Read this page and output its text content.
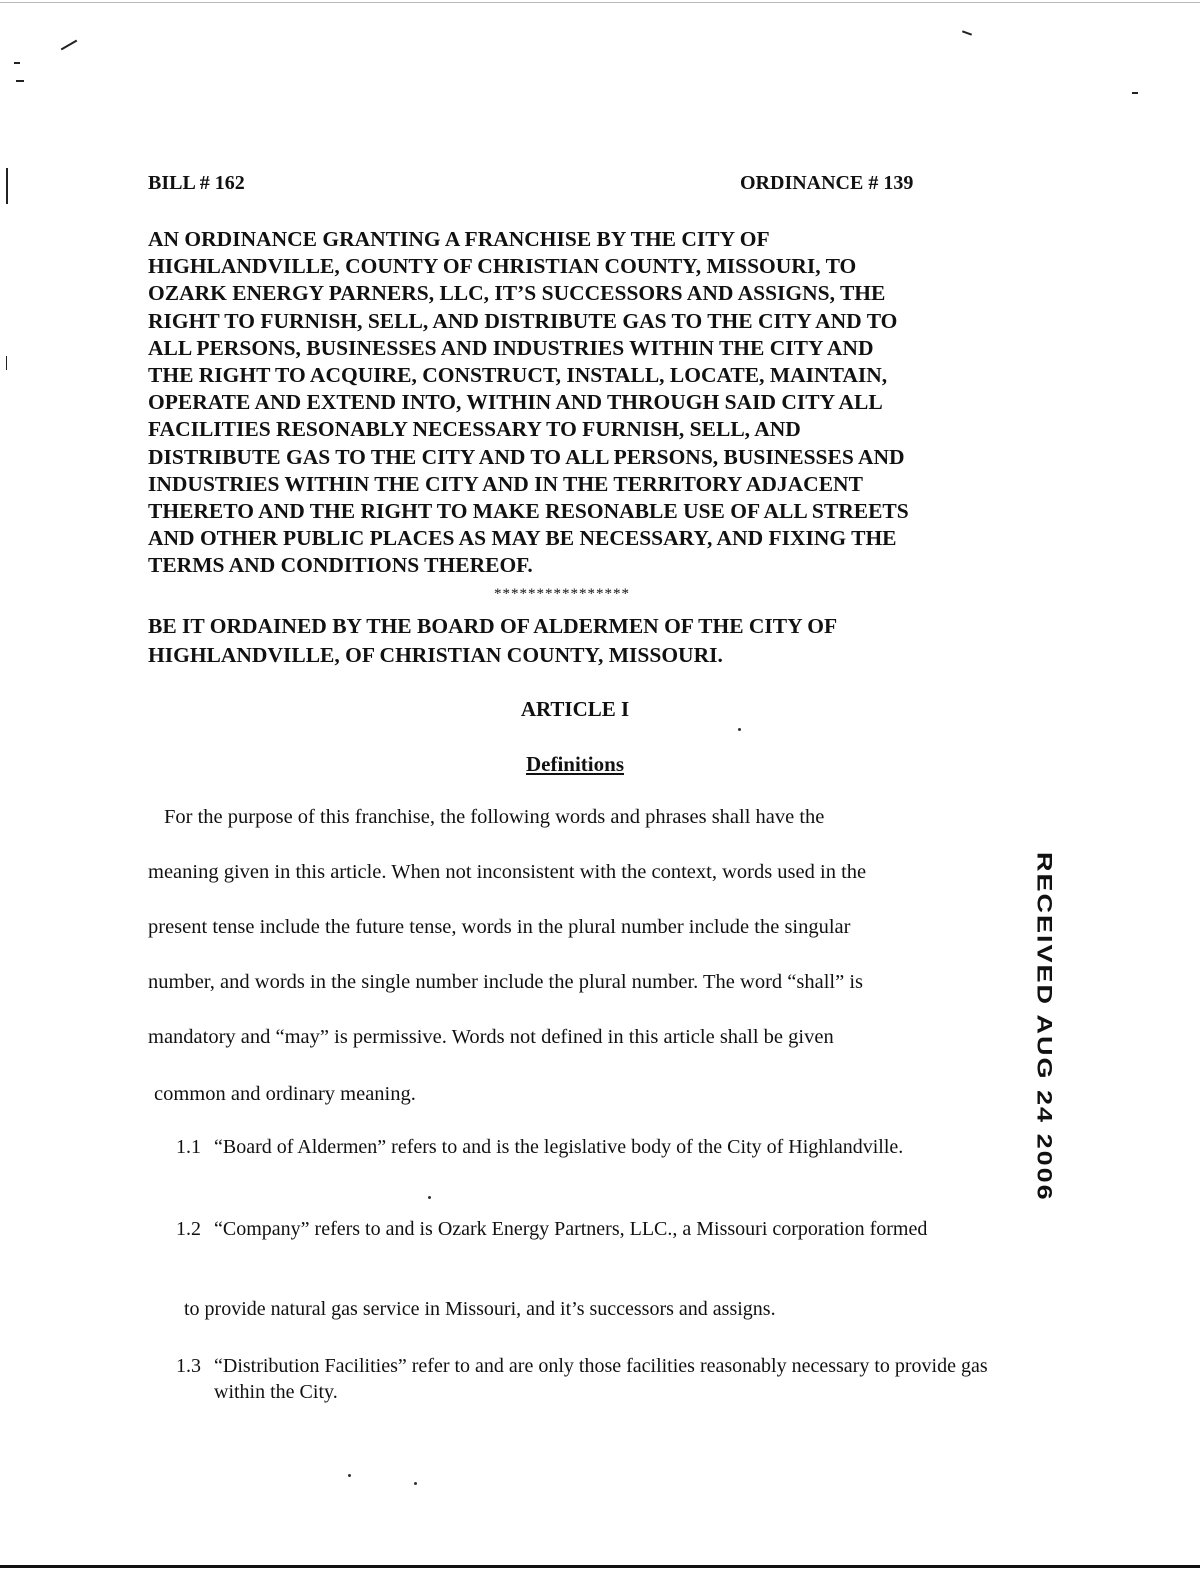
BILL # 162	ORDINANCE # 139
AN ORDINANCE GRANTING A FRANCHISE BY THE CITY OF
HIGHLANDVILLE, COUNTY OF CHRISTIAN COUNTY, MISSOURI, TO
OZARK ENERGY PARNERS, LLC, IT’S SUCCESSORS AND ASSIGNS, THE
RIGHT TO FURNISH, SELL, AND DISTRIBUTE GAS TO THE CITY AND TO
ALL PERSONS, BUSINESSES AND INDUSTRIES WITHIN THE CITY AND
THE RIGHT TO ACQUIRE, CONSTRUCT, INSTALL, LOCATE, MAINTAIN,
OPERATE AND EXTEND INTO, WITHIN AND THROUGH SAID CITY ALL
FACILITIES RESONABLY NECESSARY TO FURNISH, SELL, AND
DISTRIBUTE GAS TO THE CITY AND TO ALL PERSONS, BUSINESSES AND
INDUSTRIES WITHIN THE CITY AND IN THE TERRITORY ADJACENT
THERETO AND THE RIGHT TO MAKE RESONABLE USE OF ALL STREETS
AND OTHER PUBLIC PLACES AS MAY BE NECESSARY, AND FIXING THE
TERMS AND CONDITIONS THEREOF.
****************
BE IT ORDAINED BY THE BOARD OF ALDERMEN OF THE CITY OF
HIGHLANDVILLE, OF CHRISTIAN COUNTY, MISSOURI.
ARTICLE I
Definitions
For the purpose of this franchise, the following words and phrases shall have the
meaning given in this article. When not inconsistent with the context, words used in the
present tense include the future tense, words in the plural number include the singular
number, and words in the single number include the plural number. The word “shall” is
mandatory and “may” is permissive. Words not defined in this article shall be given
common and ordinary meaning.
1.1 “Board of Aldermen” refers to and is the legislative body of the City of Highlandville.
1.2 “Company” refers to and is Ozark Energy Partners, LLC., a Missouri corporation formed
to provide natural gas service in Missouri, and it’s successors and assigns.
1.3 “Distribution Facilities” refer to and are only those facilities reasonably necessary to provide gas within the City.
RECEIVED AUG 24 2006
